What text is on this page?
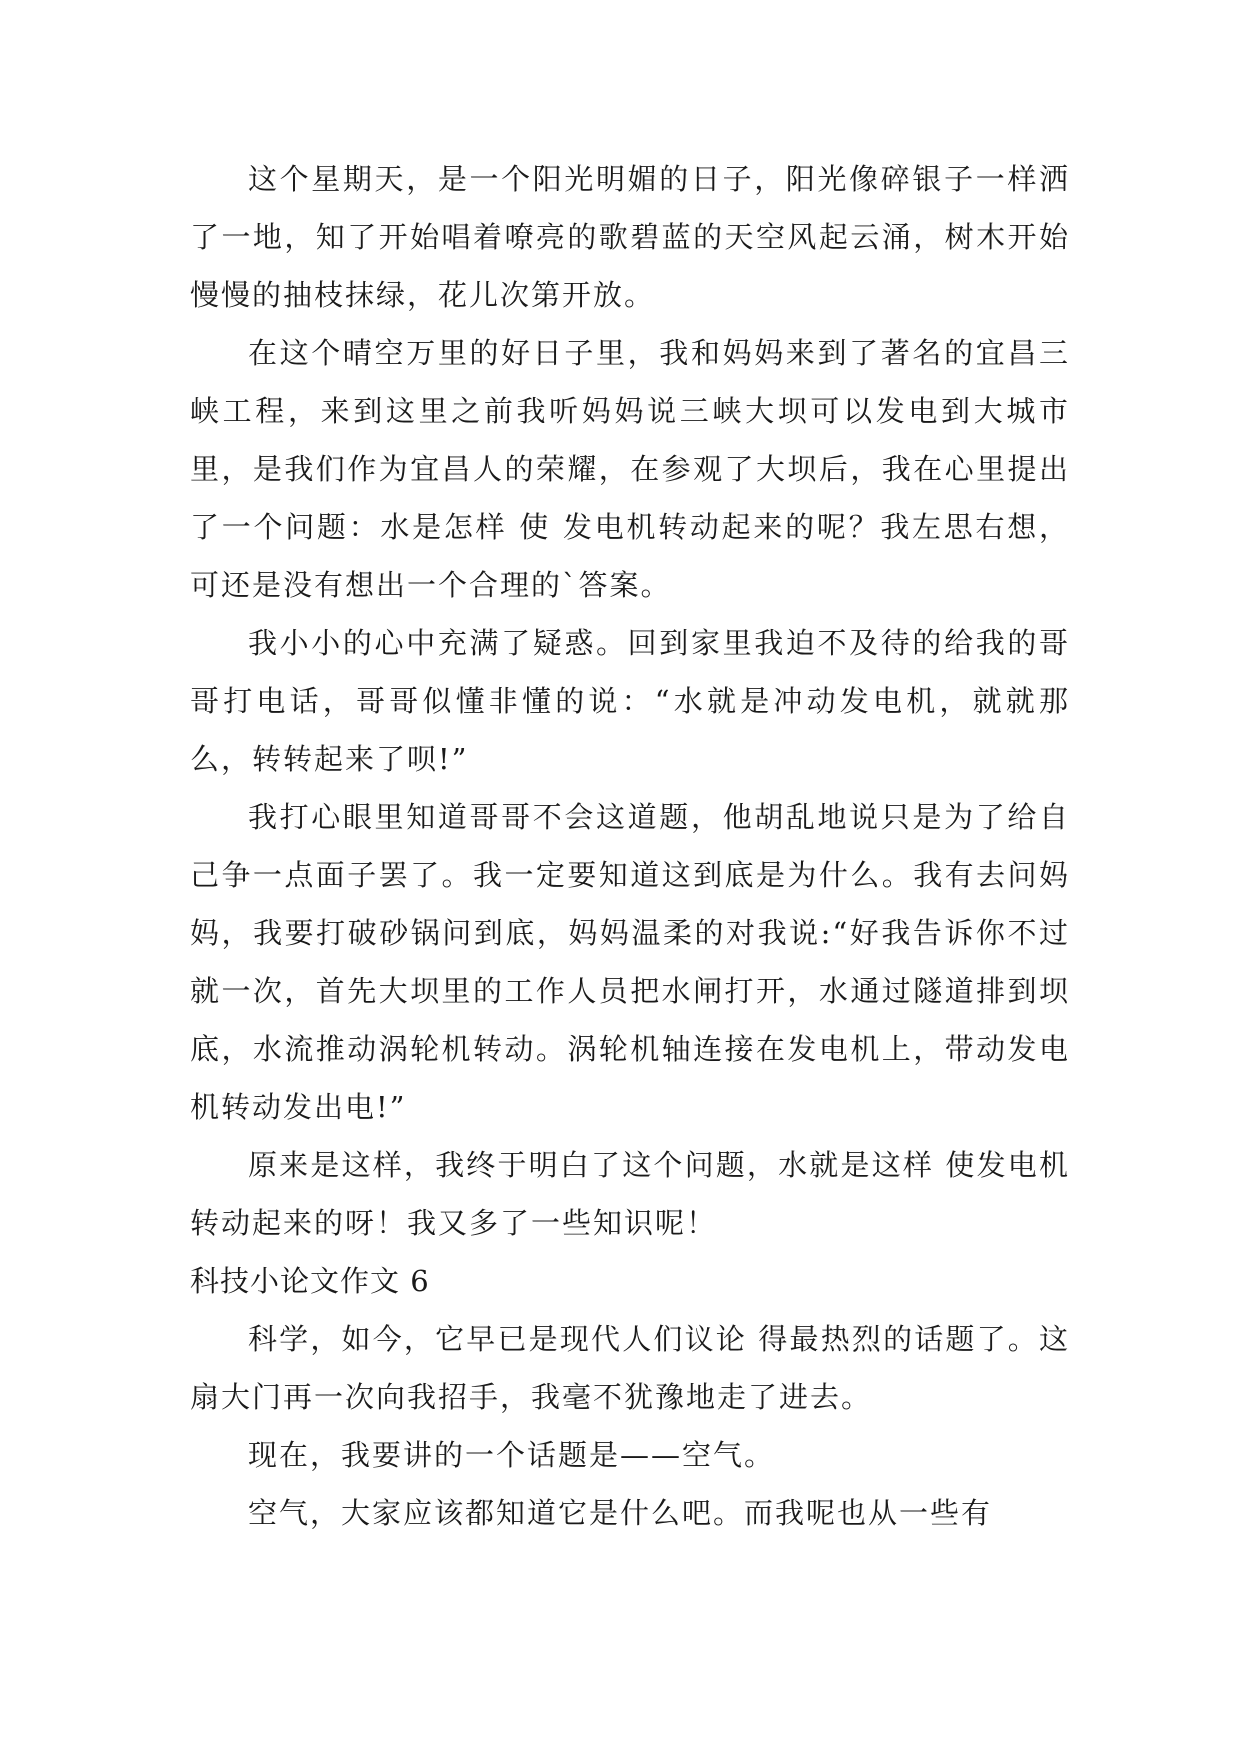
这个星期天，是一个阳光明媚的日子，阳光像碎银子一样洒了一地，知了开始唱着嘹亮的歌碧蓝的天空风起云涌，树木开始慢慢的抽枝抹绿，花儿次第开放。

在这个晴空万里的好日子里，我和妈妈来到了著名的宜昌三峡工程，来到这里之前我听妈妈说三峡大坝可以发电到大城市里，是我们作为宜昌人的荣耀，在参观了大坝后，我在心里提出了一个问题：水是怎样 使 发电机转动起来的呢？我左思右想，可还是没有想出一个合理的`答案。

我小小的心中充满了疑惑。回到家里我迫不及待的给我的哥哥打电话，哥哥似懂非懂的说：“水就是冲动发电机，就就那么，转转起来了呗!”

我打心眼里知道哥哥不会这道题，他胡乱地说只是为了给自己争一点面子罢了。我一定要知道这到底是为什么。我有去问妈妈，我要打破砂锅问到底，妈妈温柔的对我说:“好我告诉你不过就一次，首先大坝里的工作人员把水闸打开，水通过隧道排到坝底，水流推动涡轮机转动。涡轮机轴连接在发电机上，带动发电机转动发出电!”

原来是这样，我终于明白了这个问题，水就是这样 使发电机转动起来的呀！我又多了一些知识呢！

科技小论文作文 6

科学，如今，它早已是现代人们议论 得最热烈的话题了。这扇大门再一次向我招手，我毫不犹豫地走了进去。

现在，我要讲的一个话题是——空气。

空气，大家应该都知道它是什么吧。而我呢也从一些有
